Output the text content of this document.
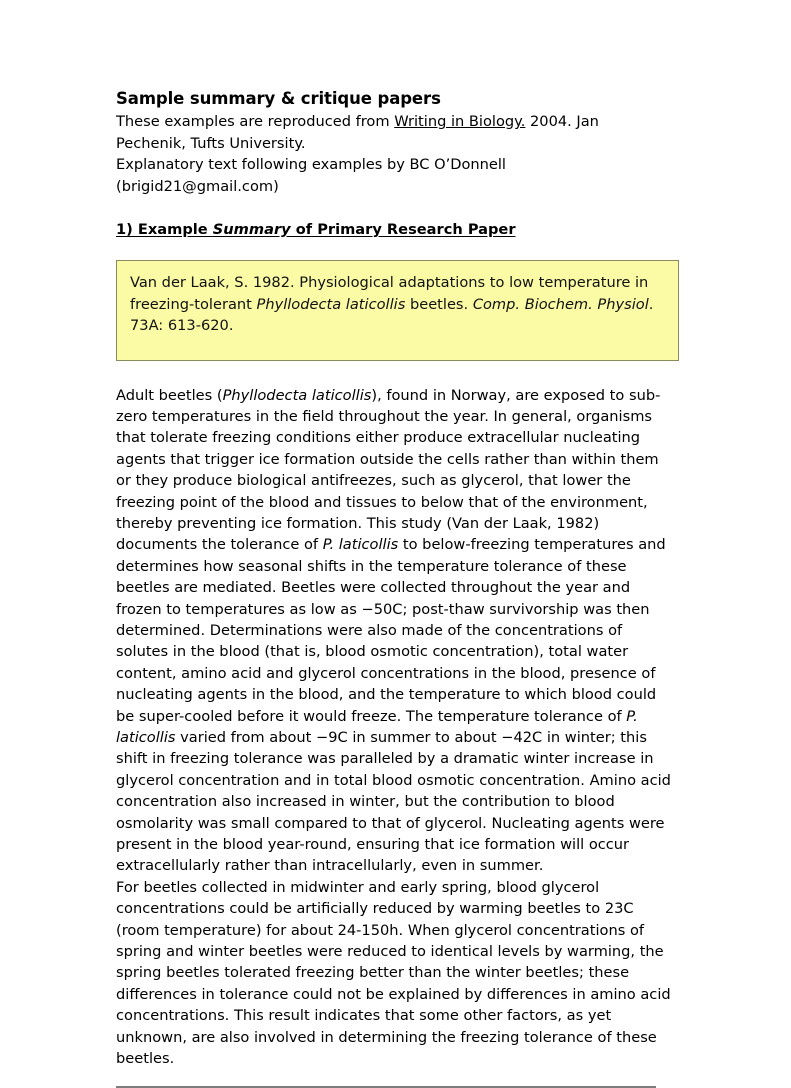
Sample summary & critique papers

These examples are reproduced from Writing in Biology. 2004. Jan Pechenik, Tufts University.
Explanatory text following examples by BC O’Donnell
(brigid21@gmail.com)

1) Example Summary of Primary Research Paper

Van der Laak, S. 1982. Physiological adaptations to low temperature in freezing-tolerant Phyllodecta laticollis beetles. Comp. Biochem. Physiol. 73A: 613-620.

Adult beetles (Phyllodecta laticollis), found in Norway, are exposed to sub-zero temperatures in the field throughout the year. In general, organisms that tolerate freezing conditions either produce extracellular nucleating agents that trigger ice formation outside the cells rather than within them or they produce biological antifreezes, such as glycerol, that lower the freezing point of the blood and tissues to below that of the environment, thereby preventing ice formation. This study (Van der Laak, 1982) documents the tolerance of P. laticollis to below-freezing temperatures and determines how seasonal shifts in the temperature tolerance of these beetles are mediated. Beetles were collected throughout the year and frozen to temperatures as low as −50C; post-thaw survivorship was then determined. Determinations were also made of the concentrations of solutes in the blood (that is, blood osmotic concentration), total water content, amino acid and glycerol concentrations in the blood, presence of nucleating agents in the blood, and the temperature to which blood could be super-cooled before it would freeze. The temperature tolerance of P. laticollis varied from about −9C in summer to about −42C in winter; this shift in freezing tolerance was paralleled by a dramatic winter increase in glycerol concentration and in total blood osmotic concentration. Amino acid concentration also increased in winter, but the contribution to blood osmolarity was small compared to that of glycerol. Nucleating agents were present in the blood year-round, ensuring that ice formation will occur extracellularly rather than intracellularly, even in summer.

For beetles collected in midwinter and early spring, blood glycerol concentrations could be artificially reduced by warming beetles to 23C (room temperature) for about 24-150h. When glycerol concentrations of spring and winter beetles were reduced to identical levels by warming, the spring beetles tolerated freezing better than the winter beetles; these differences in tolerance could not be explained by differences in amino acid concentrations. This result indicates that some other factors, as yet unknown, are also involved in determining the freezing tolerance of these beetles.
